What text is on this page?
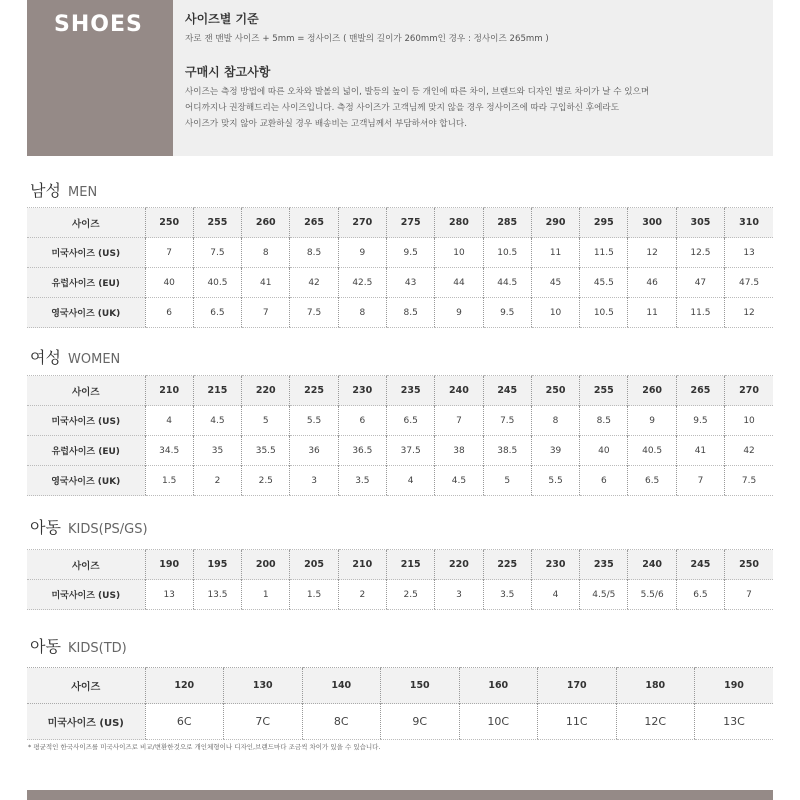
SHOES	사이즈별 기준

자로 잰 맨발 사이즈 + 5mm = 정사이즈 ( 맨발의 길이가 260mm인 경우 : 정사이즈 265mm )

구매시 참고사항

사이즈는 측정 방법에 따른 오차와 발볼의 넓이, 발등의 높이 등 개인에 따른 차이, 브랜드와 디자인 별로 차이가 날 수 있으며
어디까지나 권장해드리는 사이즈입니다. 측정 사이즈가 고객님께 맞지 않을 경우 정사이즈에 따라 구입하신 후에라도
사이즈가 맞지 않아 교환하실 경우 배송비는 고객님께서 부담하셔야 합니다.

남성 MEN
사이즈	250	255	260	265	270	275	280	285	290	295	300	305	310
미국사이즈 (US)	7	7.5	8	8.5	9	9.5	10	10.5	11	11.5	12	12.5	13
유럽사이즈 (EU)	40	40.5	41	42	42.5	43	44	44.5	45	45.5	46	47	47.5
영국사이즈 (UK)	6	6.5	7	7.5	8	8.5	9	9.5	10	10.5	11	11.5	12
여성 WOMEN
사이즈	210	215	220	225	230	235	240	245	250	255	260	265	270
미국사이즈 (US)	4	4.5	5	5.5	6	6.5	7	7.5	8	8.5	9	9.5	10
유럽사이즈 (EU)	34.5	35	35.5	36	36.5	37.5	38	38.5	39	40	40.5	41	42
영국사이즈 (UK)	1.5	2	2.5	3	3.5	4	4.5	5	5.5	6	6.5	7	7.5
아동 KIDS(PS/GS)
사이즈	190	195	200	205	210	215	220	225	230	235	240	245	250
미국사이즈 (US)	13	13.5	1	1.5	2	2.5	3	3.5	4	4.5/5	5.5/6	6.5	7
아동 KIDS(TD)
사이즈	120	130	140	150	160	170	180	190
미국사이즈 (US)	6C	7C	8C	9C	10C	11C	12C	13C
* 평균적인 한국사이즈를 미국사이즈로 비교/변환한것으로 개인체형이나 디자인,브랜드마다 조금씩 차이가 있을 수 있습니다.
